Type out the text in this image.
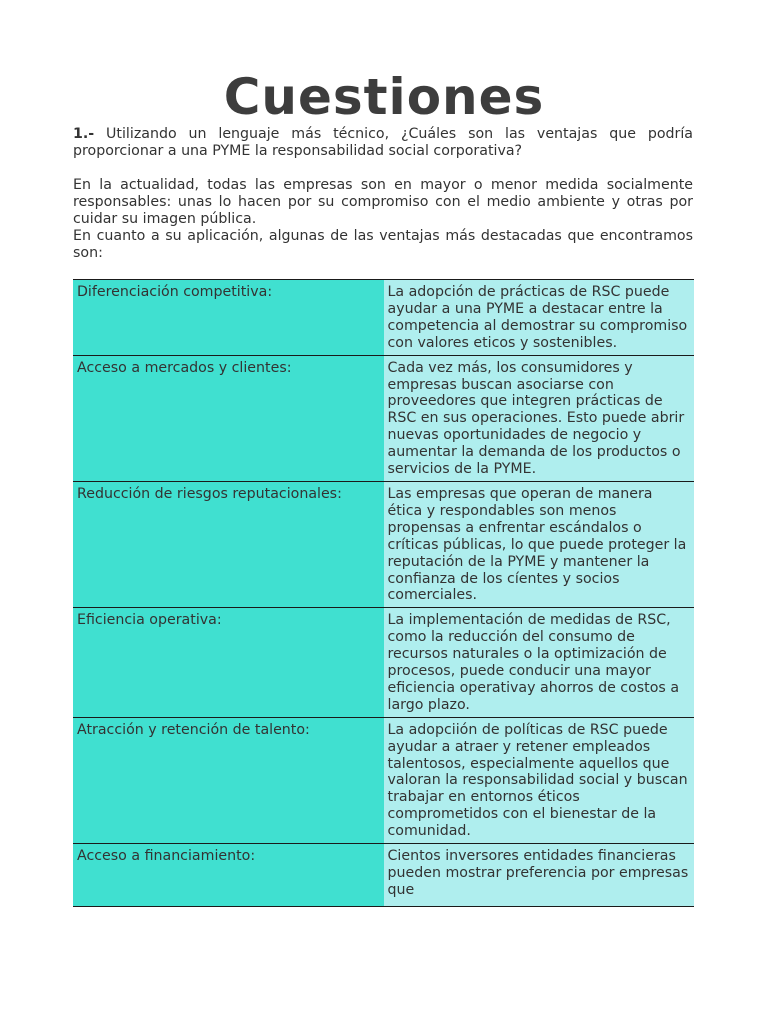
Cuestiones
1.- Utilizando un lenguaje más técnico, ¿Cuáles son las ventajas que podría proporcionar a una PYME la responsabilidad social corporativa?
En la actualidad, todas las empresas son en mayor o menor medida socialmente responsables: unas lo hacen por su compromiso con el medio ambiente y otras por cuidar su imagen pública.
En cuanto a su aplicación, algunas de las ventajas más destacadas que encontramos son:
Diferenciación competitiva:	La adopción de prácticas de RSC puede ayudar a una PYME a destacar entre la competencia al demostrar su compromiso con valores eticos y sostenibles.
Acceso a mercados y clientes:	Cada vez más, los consumidores y empresas buscan asociarse con proveedores que integren prácticas de RSC en sus operaciones. Esto puede abrir nuevas oportunidades de negocio y aumentar la demanda de los productos o servicios de la PYME.
Reducción de riesgos reputacionales:	Las empresas que operan de manera ética y respondables son menos propensas a enfrentar escándalos o críticas públicas, lo que puede proteger la reputación de la PYME y mantener la confianza de los cíentes y socios comerciales.
Eficiencia operativa:	La implementación de medidas de RSC, como la reducción del consumo de recursos naturales o la optimización de procesos, puede conducir una mayor eficiencia operativay ahorros de costos a largo plazo.
Atracción y retención de talento:	La adopciión de políticas de RSC puede ayudar a atraer y retener empleados talentosos, especialmente aquellos que valoran la responsabilidad social y buscan trabajar en entornos éticos comprometidos con el bienestar de la comunidad.
Acceso a financiamiento:	Cientos inversores entidades financieras pueden mostrar preferencia por empresas que
